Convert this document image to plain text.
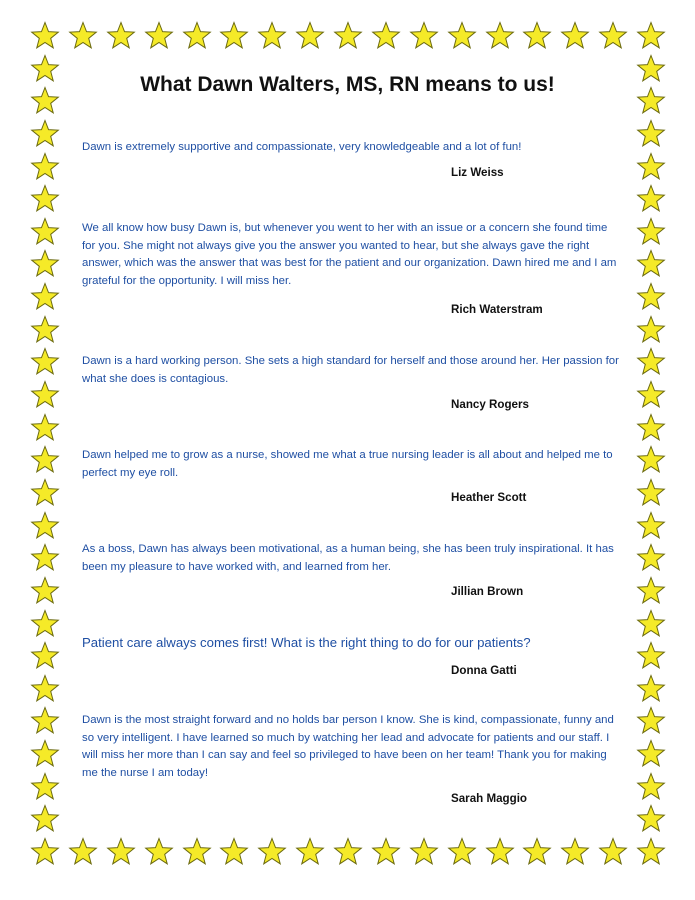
What Dawn Walters, MS, RN means to us!

Dawn is extremely supportive and compassionate, very knowledgeable and a lot of fun!

Liz Weiss

We all know how busy Dawn is, but whenever you went to her with an issue or a concern she found time for you. She might not always give you the answer you wanted to hear, but she always gave the right answer, which was the answer that was best for the patient and our organization. Dawn hired me and I am grateful for the opportunity. I will miss her.

Rich Waterstram

Dawn is a hard working person. She sets a high standard for herself and those around her. Her passion for what she does is contagious.

Nancy Rogers

Dawn helped me to grow as a nurse, showed me what a true nursing leader is all about and helped me to perfect my eye roll.

Heather Scott

As a boss, Dawn has always been motivational, as a human being, she has been truly inspirational. It has been my pleasure to have worked with, and learned from her.

Jillian Brown

Patient care always comes first! What is the right thing to do for our patients?

Donna Gatti

Dawn is the most straight forward and no holds bar person I know. She is kind, compassionate, funny and so very intelligent. I have learned so much by watching her lead and advocate for patients and our staff. I will miss her more than I can say and feel so privileged to have been on her team! Thank you for making me the nurse I am today!

Sarah Maggio
